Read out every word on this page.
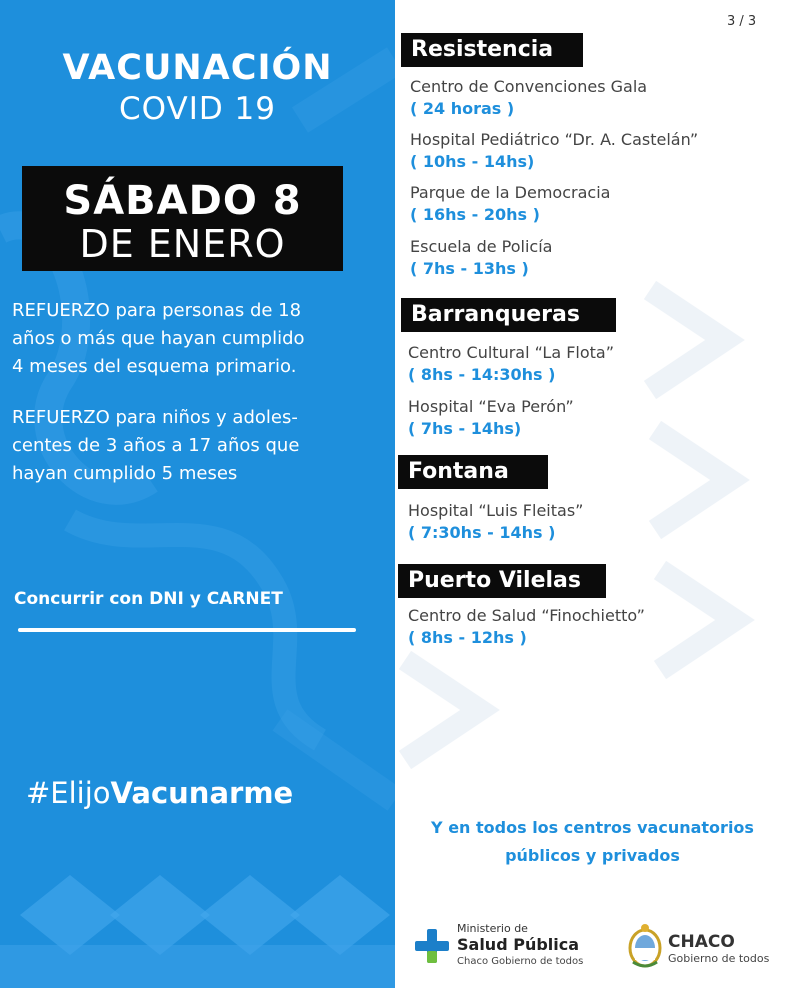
VACUNACIÓN
COVID 19
SÁBADO 8
DE ENERO
REFUERZO para personas de 18
años o más que hayan cumplido
4 meses del esquema primario.
REFUERZO para niños y adoles-
centes de 3 años a 17 años que
hayan cumplido 5 meses
Concurrir con DNI y CARNET
#ElijoVacunarme
3 / 3
Resistencia
Centro de Convenciones Gala
( 24 horas )
Hospital Pediátrico “Dr. A. Castelán”
( 10hs - 14hs)
Parque de la Democracia
( 16hs - 20hs )
Escuela de Policía
( 7hs - 13hs )
Barranqueras
Centro Cultural “La Flota”
( 8hs - 14:30hs )
Hospital “Eva Perón”
( 7hs - 14hs)
Fontana
Hospital “Luis Fleitas”
( 7:30hs - 14hs )
Puerto Vilelas
Centro de Salud “Finochietto”
( 8hs - 12hs )
Y en todos los centros vacunatorios
públicos y privados
Ministerio de
Salud Pública
Chaco Gobierno de todos
CHACO
Gobierno de todos
